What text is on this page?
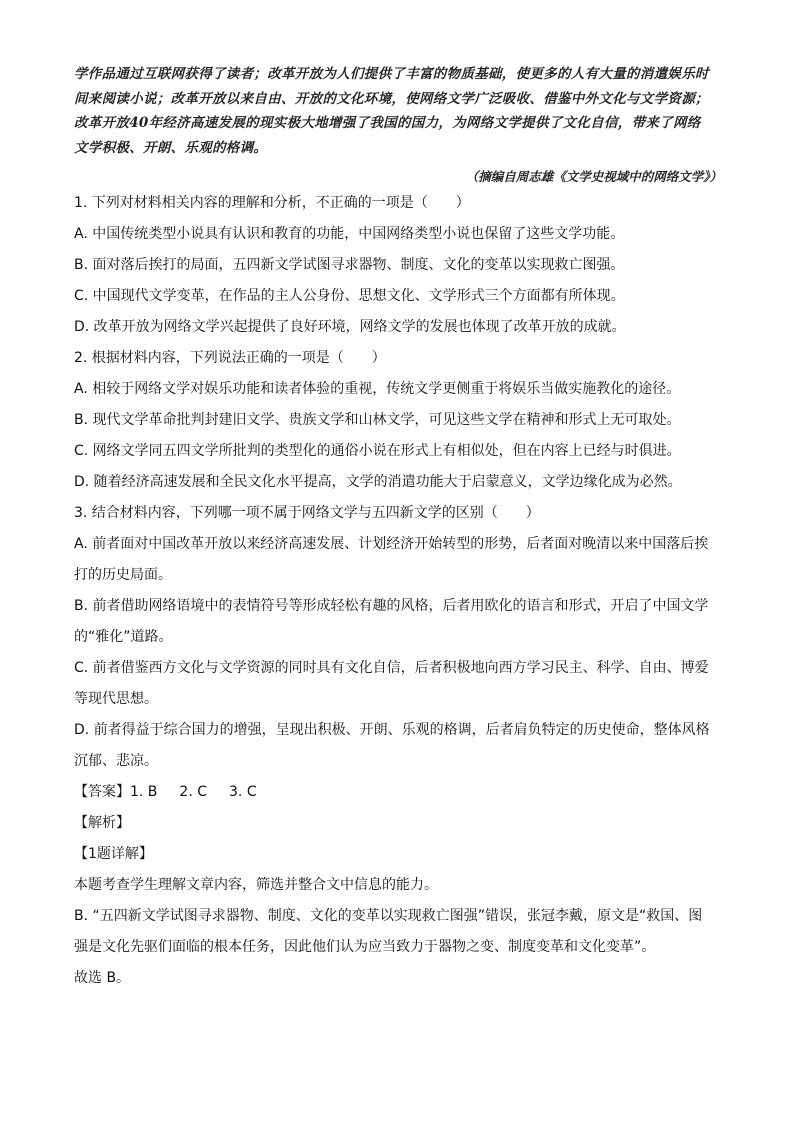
学作品通过互联网获得了读者；改革开放为人们提供了丰富的物质基础，使更多的人有大量的消遣娱乐时

间来阅读小说；改革开放以来自由、开放的文化环境，使网络文学广泛吸收、借鉴中外文化与文学资源；

改革开放40年经济高速发展的现实极大地增强了我国的国力，为网络文学提供了文化自信，带来了网络

文学积极、开朗、乐观的格调。

（摘编自周志雄《文学史视域中的网络文学》）

1. 下列对材料相关内容的理解和分析，不正确的一项是（　　）

A. 中国传统类型小说具有认识和教育的功能，中国网络类型小说也保留了这些文学功能。

B. 面对落后挨打的局面，五四新文学试图寻求器物、制度、文化的变革以实现救亡图强。

C. 中国现代文学变革，在作品的主人公身份、思想文化、文学形式三个方面都有所体现。

D. 改革开放为网络文学兴起提供了良好环境，网络文学的发展也体现了改革开放的成就。

2. 根据材料内容，下列说法正确的一项是（　　）

A. 相较于网络文学对娱乐功能和读者体验的重视，传统文学更侧重于将娱乐当做实施教化的途径。

B. 现代文学革命批判封建旧文学、贵族文学和山林文学，可见这些文学在精神和形式上无可取处。

C. 网络文学同五四文学所批判的类型化的通俗小说在形式上有相似处，但在内容上已经与时俱进。

D. 随着经济高速发展和全民文化水平提高，文学的消遣功能大于启蒙意义，文学边缘化成为必然。

3. 结合材料内容，下列哪一项不属于网络文学与五四新文学的区别（　　）

A. 前者面对中国改革开放以来经济高速发展、计划经济开始转型的形势，后者面对晚清以来中国落后挨

打的历史局面。

B. 前者借助网络语境中的表情符号等形成轻松有趣的风格，后者用欧化的语言和形式，开启了中国文学

的“雅化”道路。

C. 前者借鉴西方文化与文学资源的同时具有文化自信，后者积极地向西方学习民主、科学、自由、博爱

等现代思想。

D. 前者得益于综合国力的增强，呈现出积极、开朗、乐观的格调，后者肩负特定的历史使命，整体风格

沉郁、悲凉。

【答案】1. B 2. C 3. C

【解析】

【1题详解】

本题考查学生理解文章内容，筛选并整合文中信息的能力。

B. “五四新文学试图寻求器物、制度、文化的变革以实现救亡图强”错误，张冠李戴，原文是“救国、图

强是文化先驱们面临的根本任务，因此他们认为应当致力于器物之变、制度变革和文化变革”。

故选 B。
